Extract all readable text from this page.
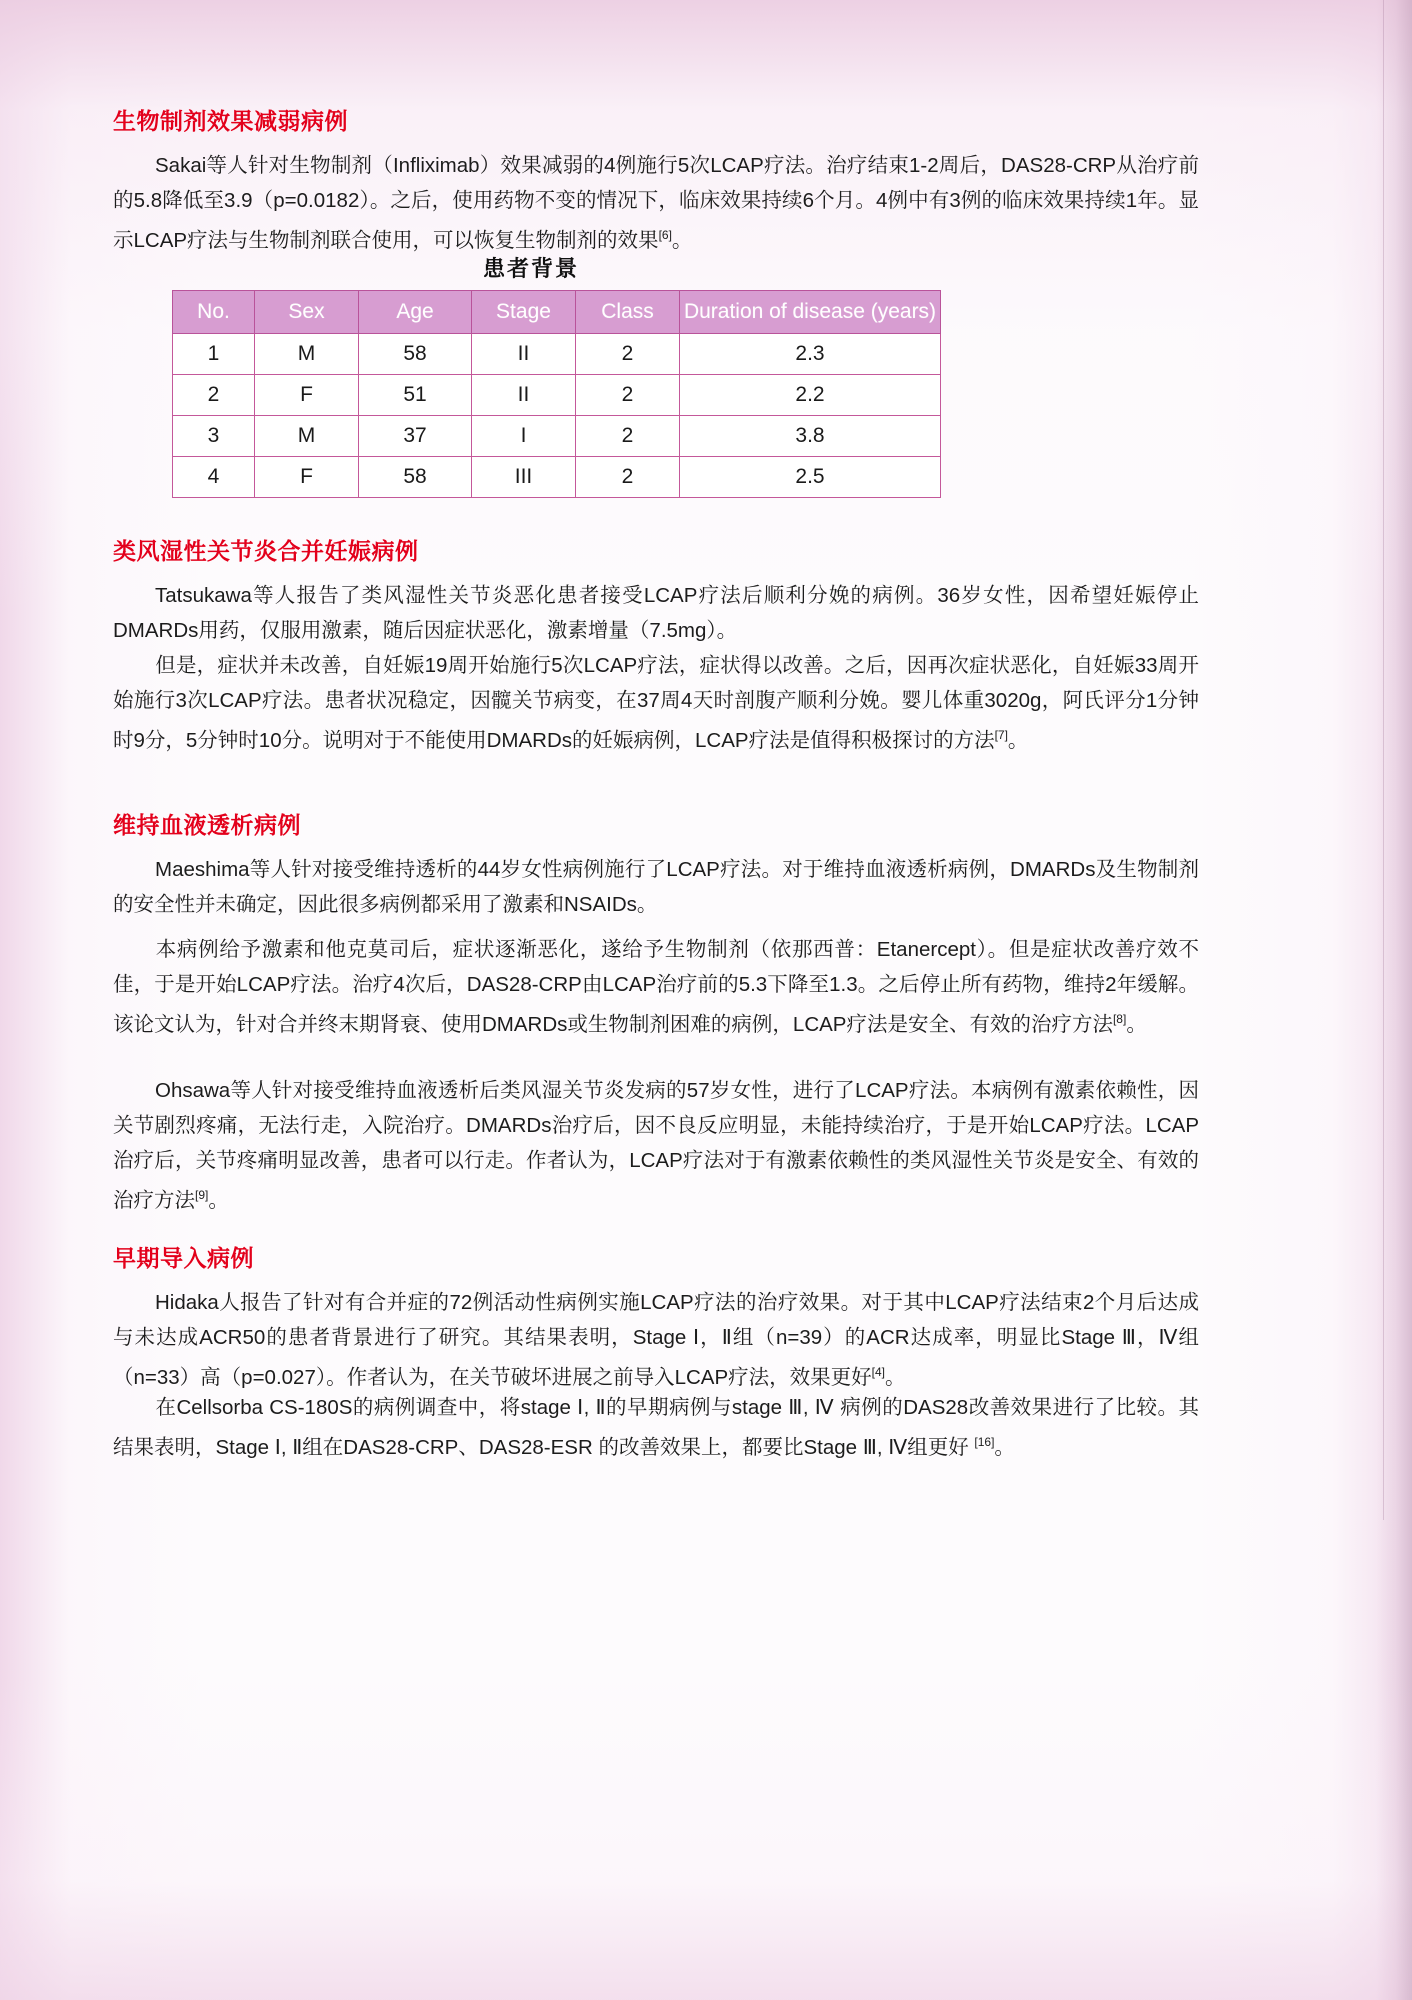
生物制剂效果减弱病例
Sakai等人针对生物制剂（Infliximab）效果减弱的4例施行5次LCAP疗法。治疗结束1-2周后，DAS28-CRP从治疗前的5.8降低至3.9（p=0.0182）。之后，使用药物不变的情况下，临床效果持续6个月。4例中有3例的临床效果持续1年。显示LCAP疗法与生物制剂联合使用，可以恢复生物制剂的效果[6]。
患者背景
No.	Sex	Age	Stage	Class	Duration of disease (years)
1	M	58	II	2	2.3
2	F	51	II	2	2.2
3	M	37	I	2	3.8
4	F	58	III	2	2.5
类风湿性关节炎合并妊娠病例
Tatsukawa等人报告了类风湿性关节炎恶化患者接受LCAP疗法后顺利分娩的病例。36岁女性，因希望妊娠停止DMARDs用药，仅服用激素，随后因症状恶化，激素增量（7.5mg）。
但是，症状并未改善，自妊娠19周开始施行5次LCAP疗法，症状得以改善。之后，因再次症状恶化，自妊娠33周开始施行3次LCAP疗法。患者状况稳定，因髋关节病变，在37周4天时剖腹产顺利分娩。婴儿体重3020g，阿氏评分1分钟时9分，5分钟时10分。说明对于不能使用DMARDs的妊娠病例，LCAP疗法是值得积极探讨的方法[7]。
维持血液透析病例
Maeshima等人针对接受维持透析的44岁女性病例施行了LCAP疗法。对于维持血液透析病例，DMARDs及生物制剂的安全性并未确定，因此很多病例都采用了激素和NSAIDs。
本病例给予激素和他克莫司后，症状逐渐恶化，遂给予生物制剂（依那西普：Etanercept）。但是症状改善疗效不佳，于是开始LCAP疗法。治疗4次后，DAS28-CRP由LCAP治疗前的5.3下降至1.3。之后停止所有药物，维持2年缓解。该论文认为，针对合并终末期肾衰、使用DMARDs或生物制剂困难的病例，LCAP疗法是安全、有效的治疗方法[8]。
Ohsawa等人针对接受维持血液透析后类风湿关节炎发病的57岁女性，进行了LCAP疗法。本病例有激素依赖性，因关节剧烈疼痛，无法行走，入院治疗。DMARDs治疗后，因不良反应明显，未能持续治疗，于是开始LCAP疗法。LCAP治疗后，关节疼痛明显改善，患者可以行走。作者认为，LCAP疗法对于有激素依赖性的类风湿性关节炎是安全、有效的治疗方法[9]。
早期导入病例
Hidaka人报告了针对有合并症的72例活动性病例实施LCAP疗法的治疗效果。对于其中LCAP疗法结束2个月后达成与未达成ACR50的患者背景进行了研究。其结果表明，Stage Ⅰ，Ⅱ组（n=39）的ACR达成率，明显比Stage Ⅲ，Ⅳ组（n=33）高（p=0.027）。作者认为，在关节破坏进展之前导入LCAP疗法，效果更好[4]。
在Cellsorba CS-180S的病例调查中，将stage Ⅰ, Ⅱ的早期病例与stage Ⅲ, Ⅳ 病例的DAS28改善效果进行了比较。其结果表明，Stage Ⅰ, Ⅱ组在DAS28-CRP、DAS28-ESR 的改善效果上，都要比Stage Ⅲ, Ⅳ组更好 [16]。
